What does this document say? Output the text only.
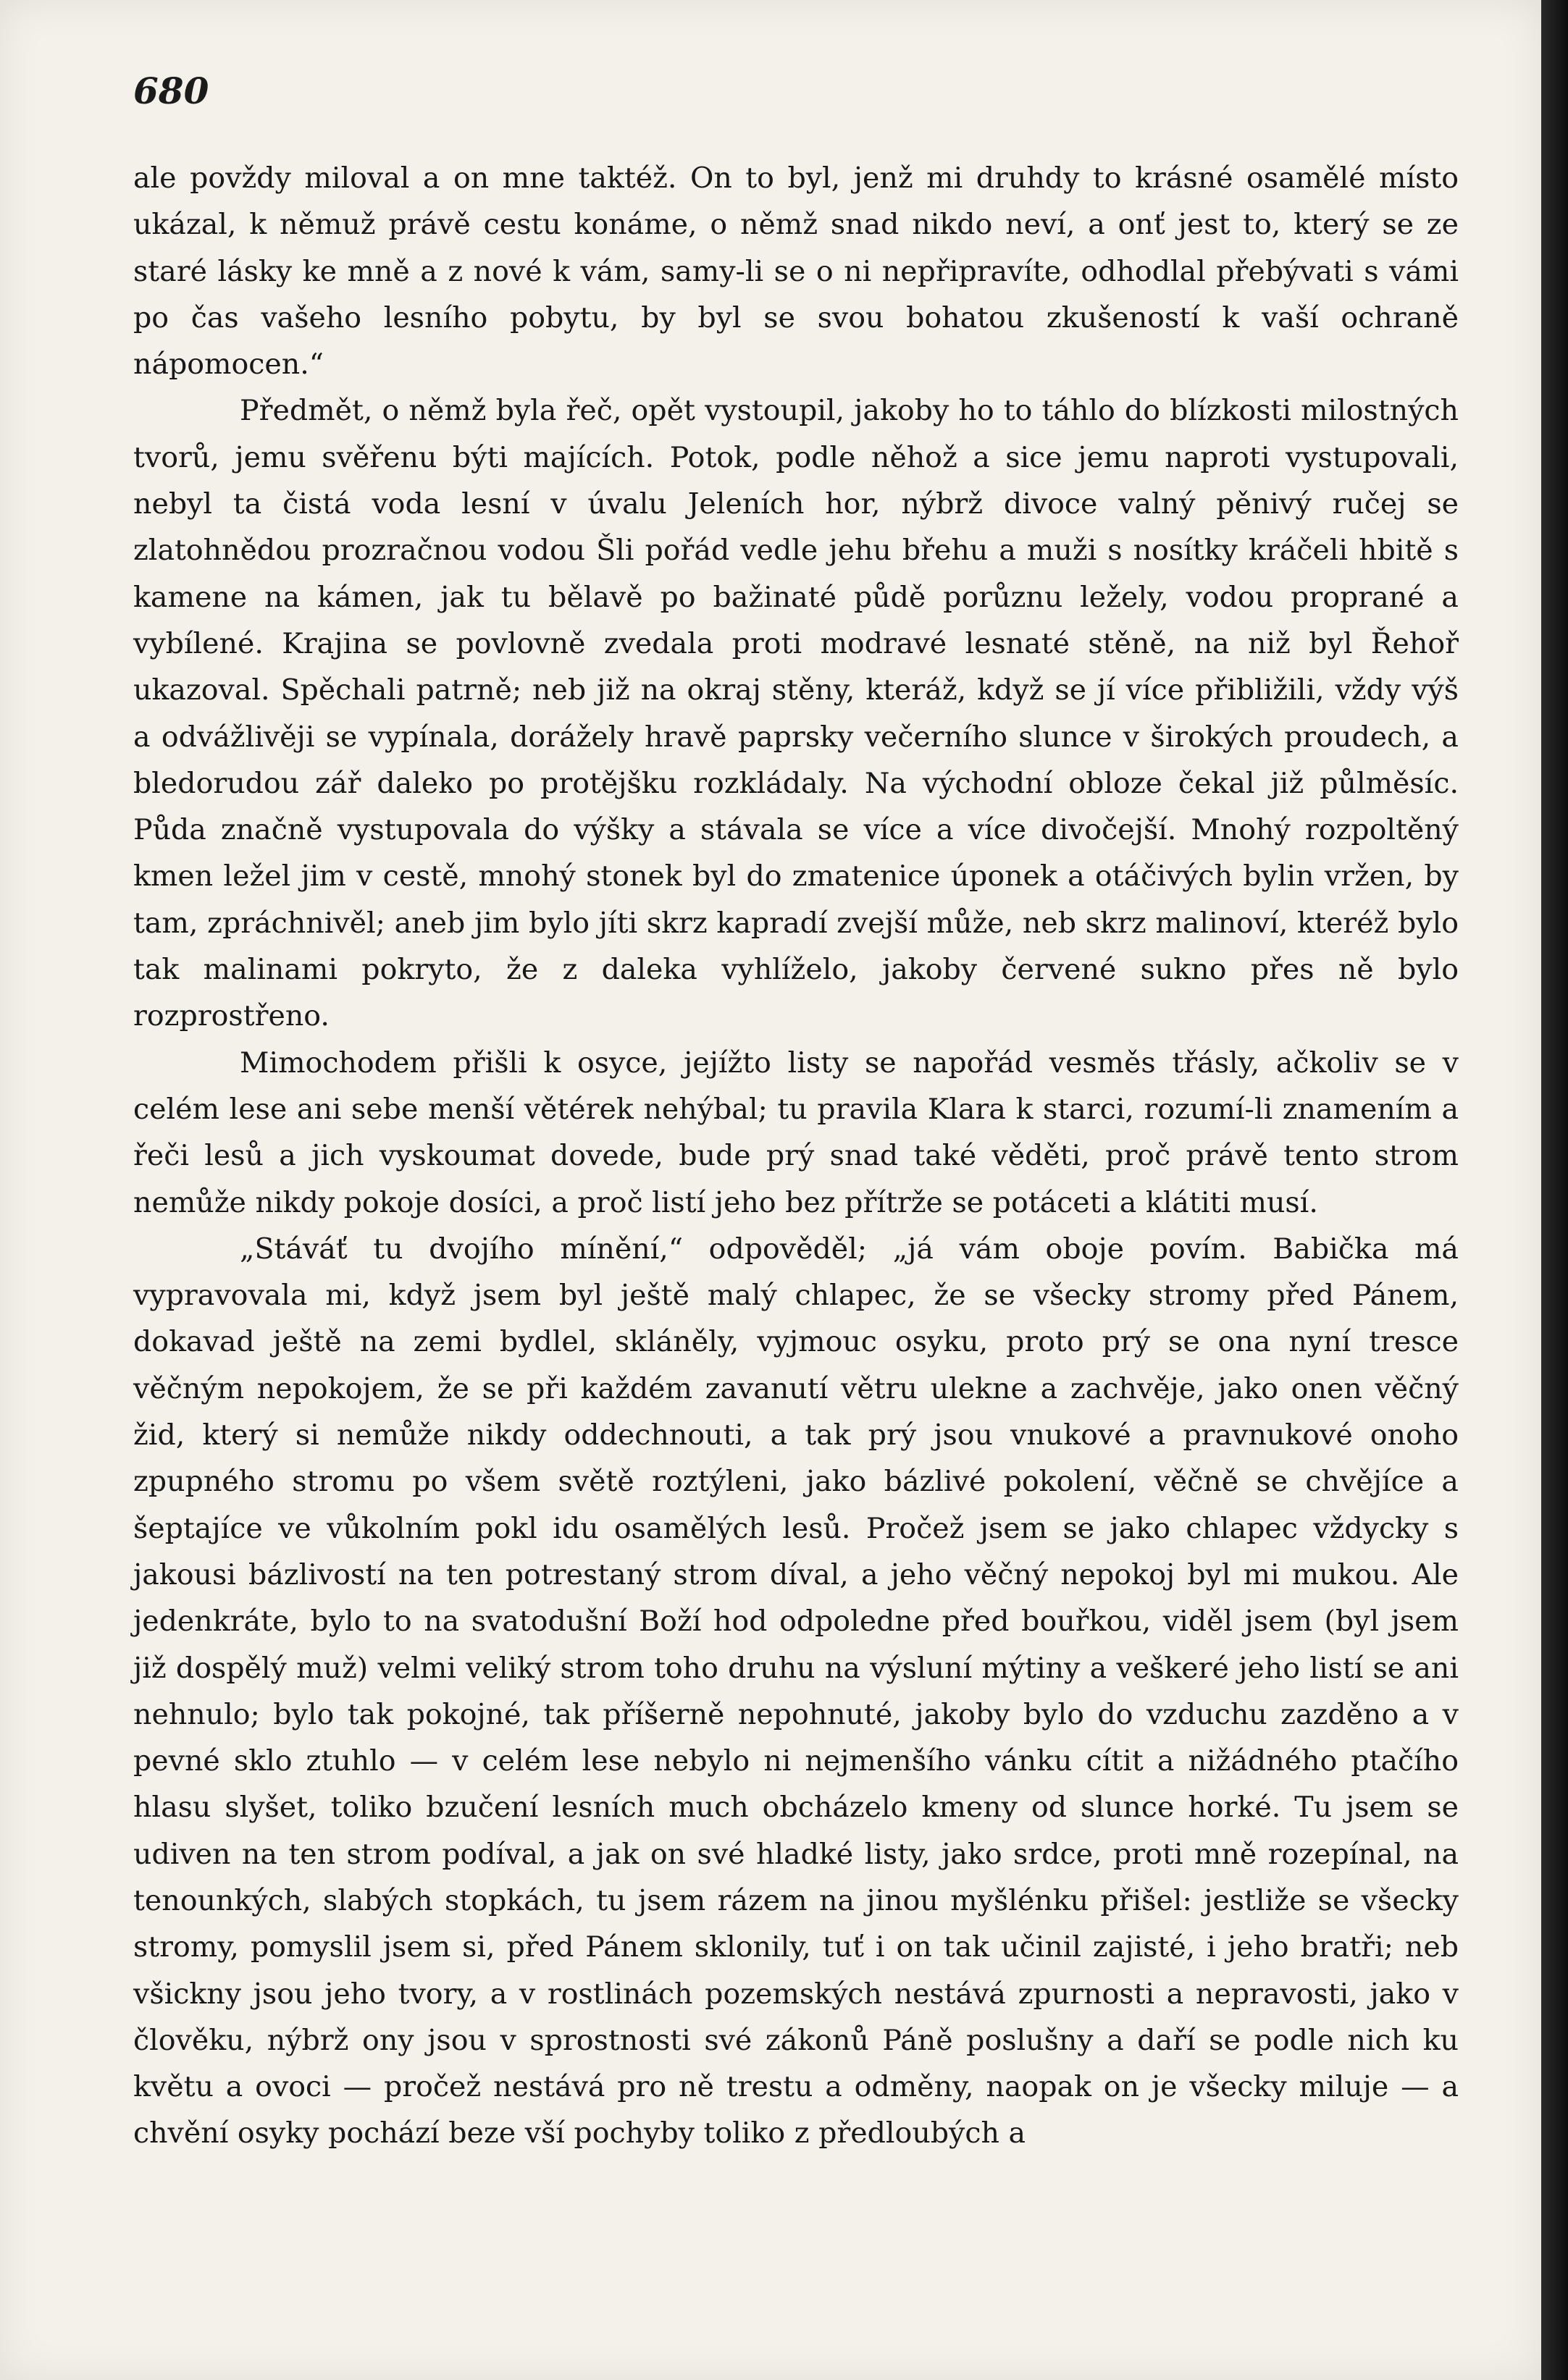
680

ale povždy miloval a on mne taktéž. On to byl, jenž mi druhdy to krásné osamělé místo ukázal, k němuž právě cestu konáme, o němž snad nikdo neví, a onť jest to, který se ze staré lásky ke mně a z nové k vám, samy-li se o ni nepřipravíte, odhodlal přebývati s vámi po čas vašeho lesního pobytu, by byl se svou bohatou zkušeností k vaší ochraně nápomocen.“

Předmět, o němž byla řeč, opět vystoupil, jakoby ho to táhlo do blízkosti milostných tvorů, jemu svěřenu býti majících. Potok, podle něhož a sice jemu naproti vystupovali, nebyl ta čistá voda lesní v úvalu Jeleních hor, nýbrž divoce valný pěnivý ručej se zlatohnědou prozračnou vodou Šli pořád vedle jehu břehu a muži s nosítky kráčeli hbitě s kamene na kámen, jak tu bělavě po bažinaté půdě porůznu ležely, vodou proprané a vybílené. Krajina se povlovně zvedala proti modravé lesnaté stěně, na niž byl Řehoř ukazoval. Spěchali patrně; neb již na okraj stěny, kteráž, když se jí více přibližili, vždy výš a odvážlivěji se vypínala, dorážely hravě paprsky večerního slunce v širokých proudech, a bledorudou zář daleko po protějšku rozkládaly. Na východní obloze čekal již půlměsíc. Půda značně vystupovala do výšky a stávala se více a více divočejší. Mnohý rozpoltěný kmen ležel jim v cestě, mnohý stonek byl do zmatenice úponek a otáčivých bylin vržen, by tam, zpráchnivěl; aneb jim bylo jíti skrz kapradí zvejší může, neb skrz malinoví, kteréž bylo tak malinami pokryto, že z daleka vyhlíželo, jakoby červené sukno přes ně bylo rozprostřeno.

Mimochodem přišli k osyce, jejížto listy se napořád vesměs třásly, ačkoliv se v celém lese ani sebe menší větérek nehýbal; tu pravila Klara k starci, rozumí-li znamením a řeči lesů a jich vyskoumat dovede, bude prý snad také věděti, proč právě tento strom nemůže nikdy pokoje dosíci, a proč listí jeho bez přítrže se potáceti a klátiti musí.

„Stáváť tu dvojího mínění,“ odpověděl; „já vám oboje povím. Babička má vypravovala mi, když jsem byl ještě malý chlapec, že se všecky stromy před Pánem, dokavad ještě na zemi bydlel, skláněly, vyjmouc osyku, proto prý se ona nyní tresce věčným nepokojem, že se při každém zavanutí větru ulekne a zachvěje, jako onen věčný žid, který si nemůže nikdy oddechnouti, a tak prý jsou vnukové a pravnukové onoho zpupného stromu po všem světě roztýleni, jako bázlivé pokolení, věčně se chvějíce a šeptajíce ve vůkolním pokl idu osamělých lesů. Pročež jsem se jako chlapec vždycky s jakousi bázlivostí na ten potrestaný strom díval, a jeho věčný nepokoj byl mi mukou. Ale jedenkráte, bylo to na svatodušní Boží hod odpoledne před bouřkou, viděl jsem (byl jsem již dospělý muž) velmi veliký strom toho druhu na výsluní mýtiny a veškeré jeho listí se ani nehnulo; bylo tak pokojné, tak příšerně nepohnuté, jakoby bylo do vzduchu zazděno a v pevné sklo ztuhlo — v celém lese nebylo ni nejmenšího vánku cítit a nižádného ptačího hlasu slyšet, toliko bzučení lesních much obcházelo kmeny od slunce horké. Tu jsem se udiven na ten strom podíval, a jak on své hladké listy, jako srdce, proti mně rozepínal, na tenounkých, slabých stopkách, tu jsem rázem na jinou myšlénku přišel: jestliže se všecky stromy, pomyslil jsem si, před Pánem sklonily, tuť i on tak učinil zajisté, i jeho bratři; neb všickny jsou jeho tvory, a v rostlinách pozemských nestává zpurnosti a nepravosti, jako v člověku, nýbrž ony jsou v sprostnosti své zákonů Páně poslušny a daří se podle nich ku květu a ovoci — pročež nestává pro ně trestu a odměny, naopak on je všecky miluje — a chvění osyky pochází beze vší pochyby toliko z předloubých a
